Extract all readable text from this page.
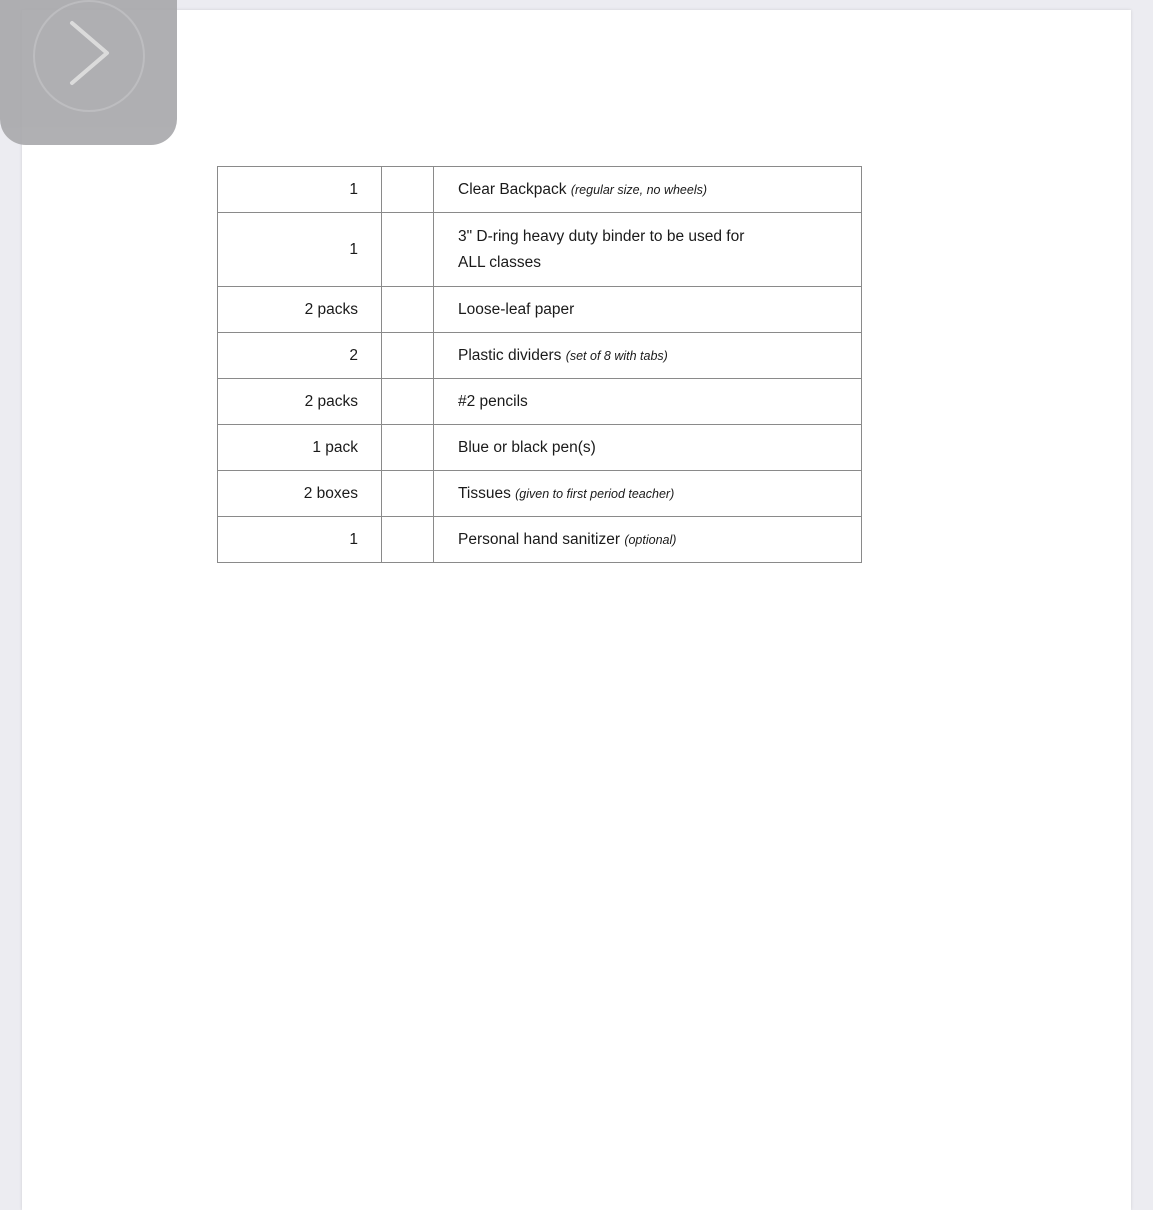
1		Clear Backpack (regular size, no wheels)
1		3" D-ring heavy duty binder to be used for
ALL classes

2 packs		Loose-leaf paper
2		Plastic dividers (set of 8 with tabs)
2 packs		#2 pencils
1 pack		Blue or black pen(s)
2 boxes		Tissues (given to first period teacher)
1		Personal hand sanitizer (optional)
